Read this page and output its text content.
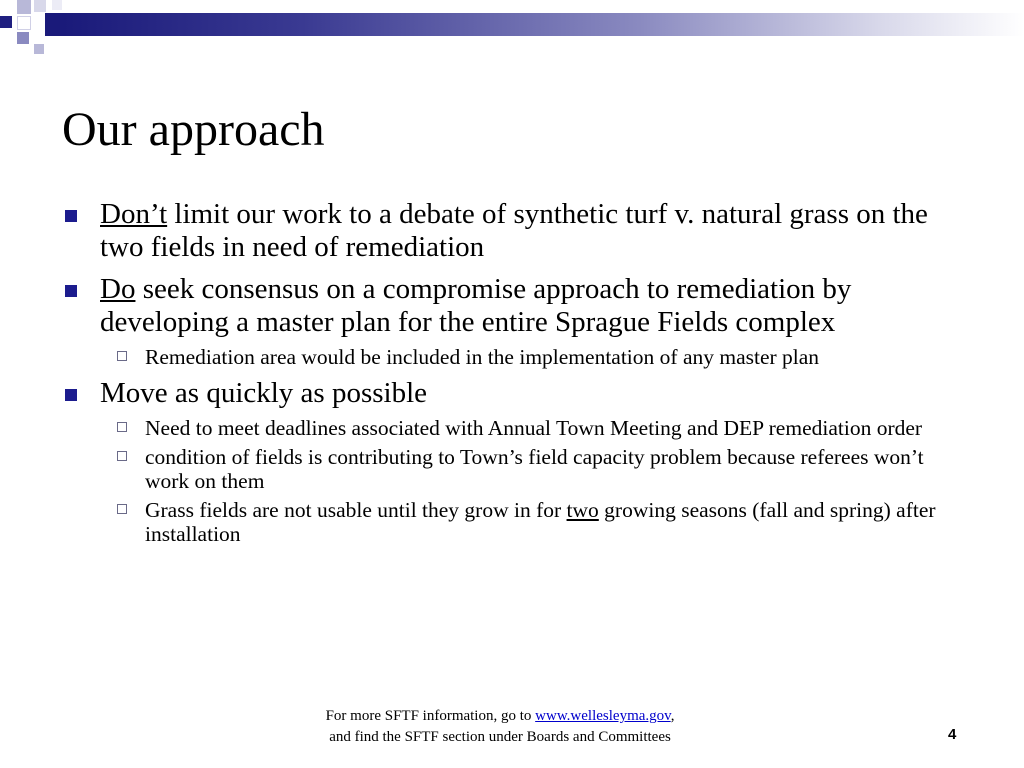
Our approach
Don’t limit our work to a debate of synthetic turf v. natural grass on the two fields in need of remediation
Do seek consensus on a compromise approach to remediation by developing a master plan for the entire Sprague Fields complex
Remediation area would be included in the implementation of any master plan
Move as quickly as possible
Need to meet deadlines associated with Annual Town Meeting and DEP remediation order
condition of fields is contributing to Town’s field capacity problem because referees won’t work on them
Grass fields are not usable until they grow in for two growing seasons (fall and spring) after installation
For more SFTF information, go to www.wellesleyma.gov,
and find the SFTF section under Boards and Committees	4
